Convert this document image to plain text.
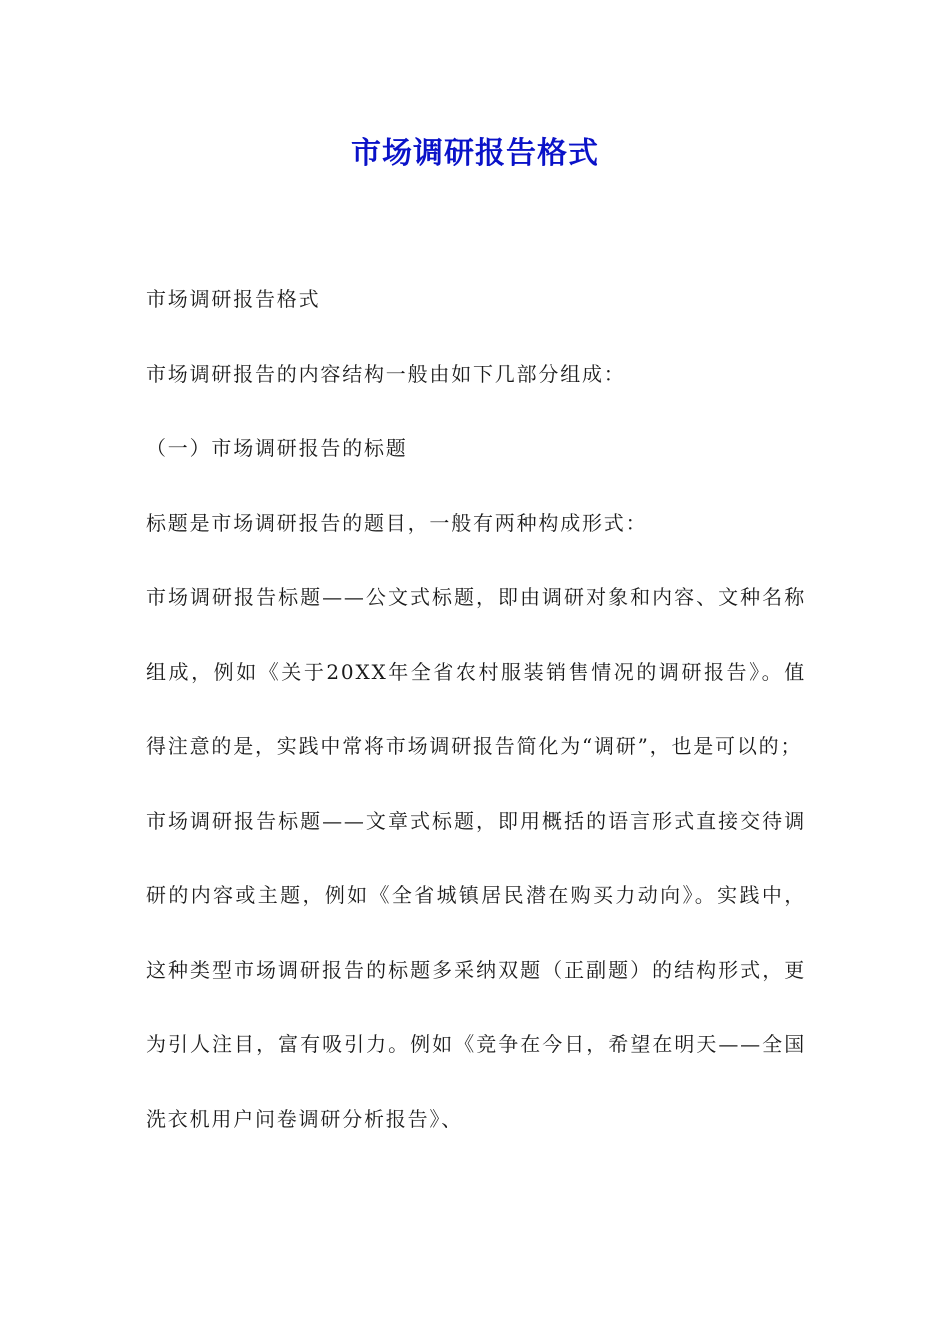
市场调研报告格式

市场调研报告格式

市场调研报告的内容结构一般由如下几部分组成：

（一）市场调研报告的标题

标题是市场调研报告的题目，一般有两种构成形式：

市场调研报告标题——公文式标题，即由调研对象和内容、文种名称组成，例如《关于20XX年全省农村服装销售情况的调研报告》。值得注意的是，实践中常将市场调研报告简化为“调研”，也是可以的；

市场调研报告标题——文章式标题，即用概括的语言形式直接交待调研的内容或主题，例如《全省城镇居民潜在购买力动向》。实践中，这种类型市场调研报告的标题多采纳双题（正副题）的结构形式，更为引人注目，富有吸引力。例如《竞争在今日，希望在明天——全国洗衣机用户问卷调研分析报告》、
